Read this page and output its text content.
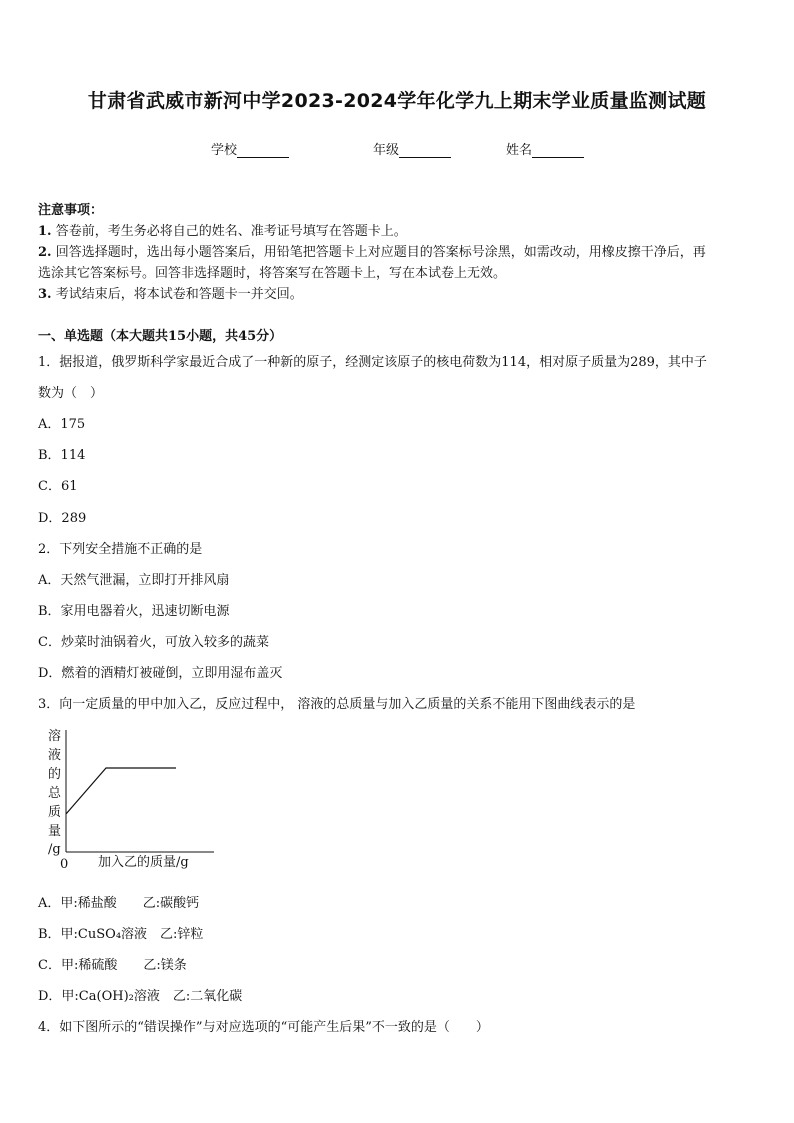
甘肃省武威市新河中学2023-2024学年化学九上期末学业质量监测试题
学校	年级	姓名
注意事项：
1. 答卷前，考生务必将自己的姓名、准考证号填写在答题卡上。
2. 回答选择题时，选出每小题答案后，用铅笔把答题卡上对应题目的答案标号涂黑，如需改动，用橡皮擦干净后，再
选涂其它答案标号。回答非选择题时，将答案写在答题卡上，写在本试卷上无效。
3. 考试结束后，将本试卷和答题卡一并交回。
一、单选题（本大题共15小题，共45分）
1．据报道，俄罗斯科学家最近合成了一种新的原子，经测定该原子的核电荷数为114，相对原子质量为289，其中子
数为（　）
A．175
B．114
C．61
D．289
2．下列安全措施不正确的是
A．天然气泄漏，立即打开排风扇
B．家用电器着火，迅速切断电源
C．炒菜时油锅着火，可放入较多的蔬菜
D．燃着的酒精灯被碰倒，立即用湿布盖灭
3．向一定质量的甲中加入乙，反应过程中， 溶液的总质量与加入乙质量的关系不能用下图曲线表示的是
溶
液
的
总
质
量
/g
0 加入乙的质量/g
A．甲:稀盐酸　　乙:碳酸钙
B．甲:CuSO₄溶液　乙:锌粒
C．甲:稀硫酸　　乙:镁条
D．甲:Ca(OH)₂溶液　乙:二氧化碳
4．如下图所示的“错误操作”与对应选项的“可能产生后果”不一致的是（　　）
